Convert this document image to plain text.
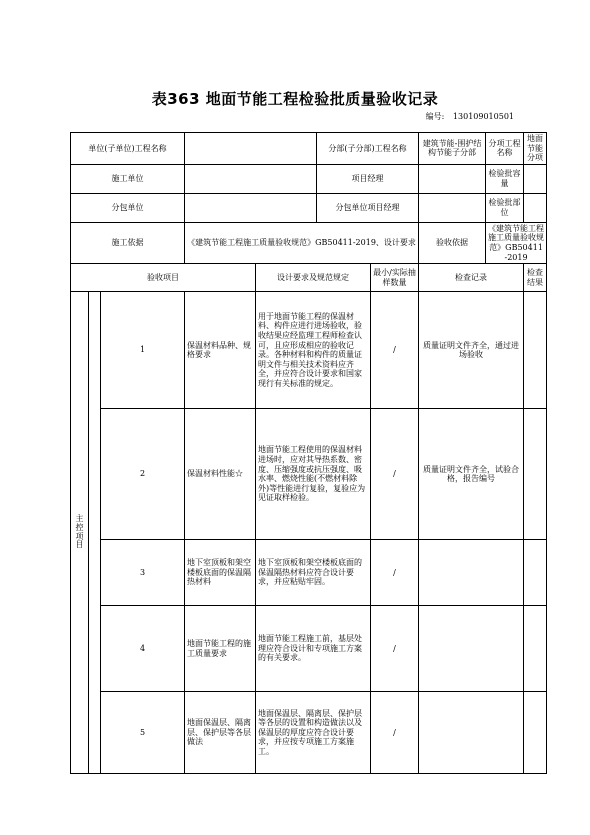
表363 地面节能工程检验批质量验收记录
编号: 130109010501
单位(子单位)工程名称					分部(子分部)工程名称		建筑节能-围护结构节能子分部	分项工程名称	地面节能分项
施工单位					项目经理			检验批容量	
分包单位					分包单位项目经理			检验批部位	
施工依据			《建筑节能工程施工质量验收规范》GB50411-2019、设计要求				验收依据	《建筑节能工程施工质量验收规范》GB50411-2019	
验收项目				设计要求及规范规定		最小/实际抽样数量	检查记录		检查结果

主控项目		1	保温材料品种、规格要求	用于地面节能工程的保温材料、构件应进行进场验收，验收结果应经监理工程师检查认可，且应形成相应的验收记录。各种材料和构件的质量证明文件与相关技术资料应齐全，并应符合设计要求和国家现行有关标准的规定。		/	质量证明文件齐全，通过进场验收		
		2	保温材料性能☆	地面节能工程使用的保温材料进场时，应对其导热系数、密度、压缩强度或抗压强度、吸水率、燃烧性能(不燃材料除外)等性能进行复验，复验应为见证取样检验。		/	质量证明文件齐全，试验合格，报告编号		
		3	地下室顶板和架空楼板底面的保温隔热材料	地下室顶板和架空楼板底面的保温隔热材料应符合设计要求，并应粘贴牢固。		/			
		4	地面节能工程的施工质量要求	地面节能工程施工前，基层处理应符合设计和专项施工方案的有关要求。		/			
		5	地面保温层、隔离层、保护层等各层做法	地面保温层、隔离层、保护层等各层的设置和构造做法以及保温层的厚度应符合设计要求，并应按专项施工方案施工。		/			
